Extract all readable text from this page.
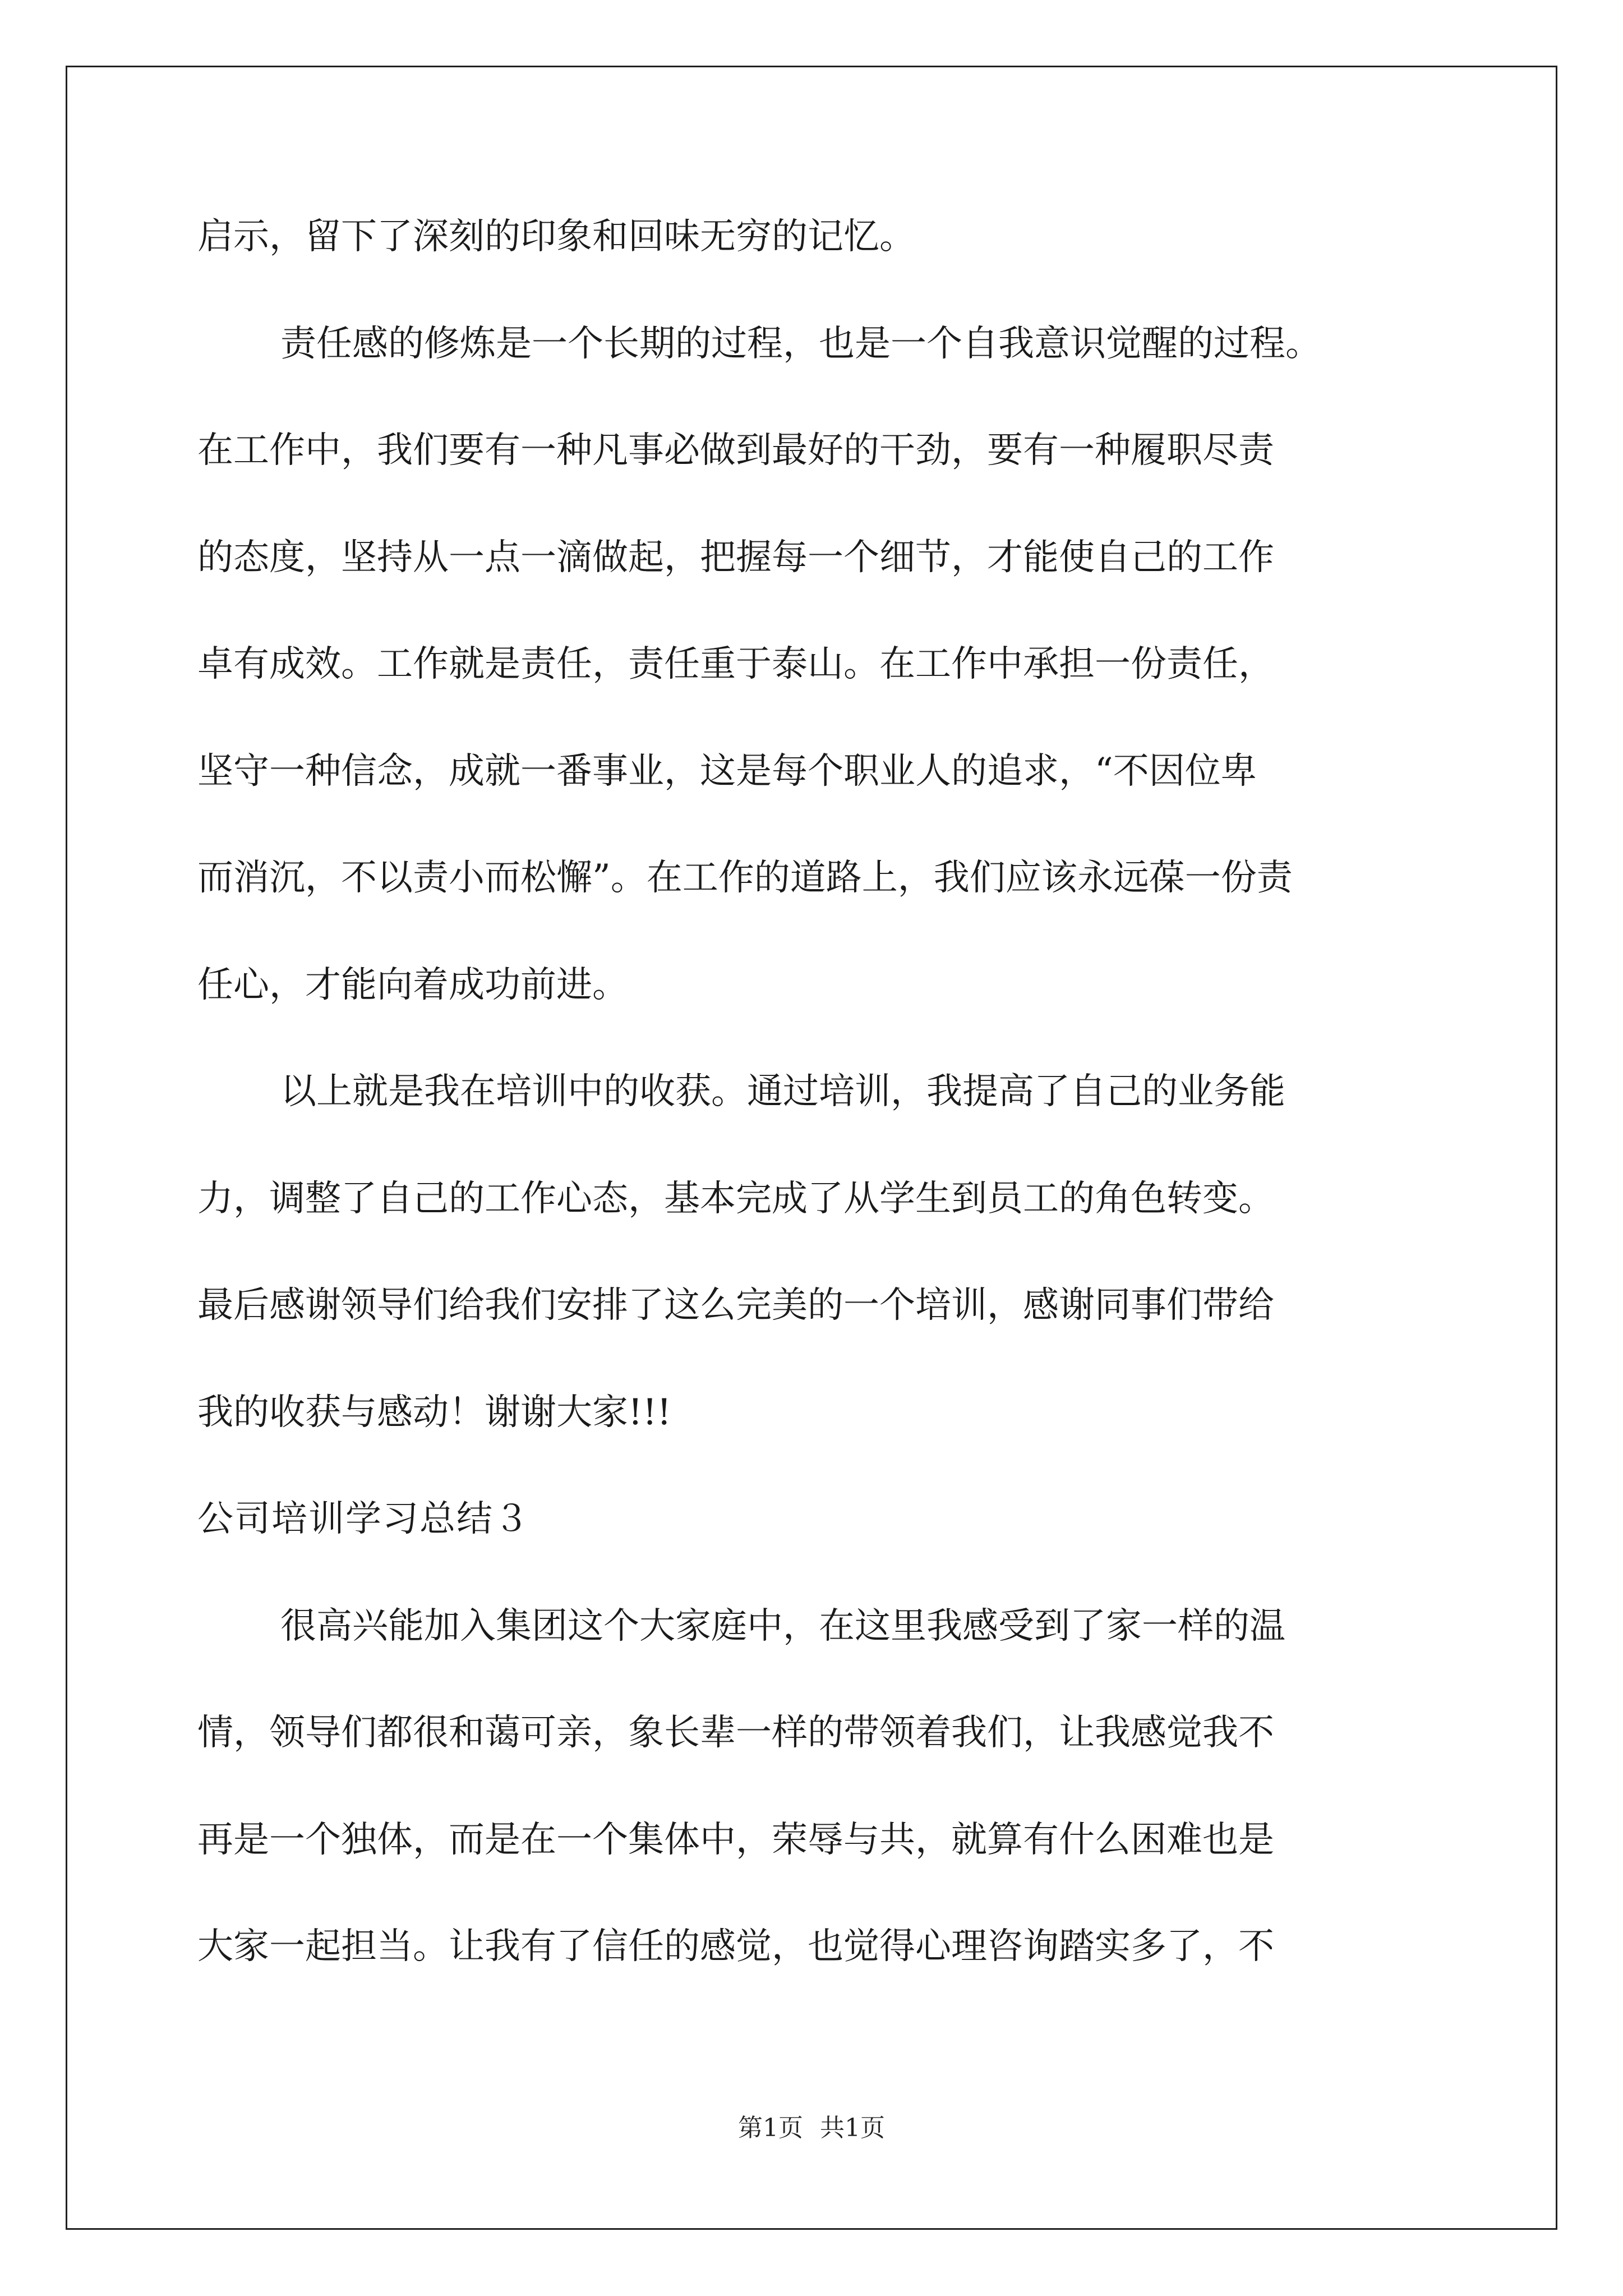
启示，留下了深刻的印象和回味无穷的记忆。
责任感的修炼是一个长期的过程，也是一个自我意识觉醒的过程。
在工作中，我们要有一种凡事必做到最好的干劲，要有一种履职尽责
的态度，坚持从一点一滴做起，把握每一个细节，才能使自己的工作
卓有成效。工作就是责任，责任重于泰山。在工作中承担一份责任，
坚守一种信念，成就一番事业，这是每个职业人的追求，“不因位卑
而消沉，不以责小而松懈”。在工作的道路上，我们应该永远葆一份责
任心，才能向着成功前进。
以上就是我在培训中的收获。通过培训，我提高了自己的业务能
力，调整了自己的工作心态，基本完成了从学生到员工的角色转变。
最后感谢领导们给我们安排了这么完美的一个培训，感谢同事们带给
我的收获与感动！谢谢大家!!!
公司培训学习总结３
很高兴能加入集团这个大家庭中，在这里我感受到了家一样的温
情，领导们都很和蔼可亲，象长辈一样的带领着我们，让我感觉我不
再是一个独体，而是在一个集体中，荣辱与共，就算有什么困难也是
大家一起担当。让我有了信任的感觉，也觉得心理咨询踏实多了，不
第1页 共1页
